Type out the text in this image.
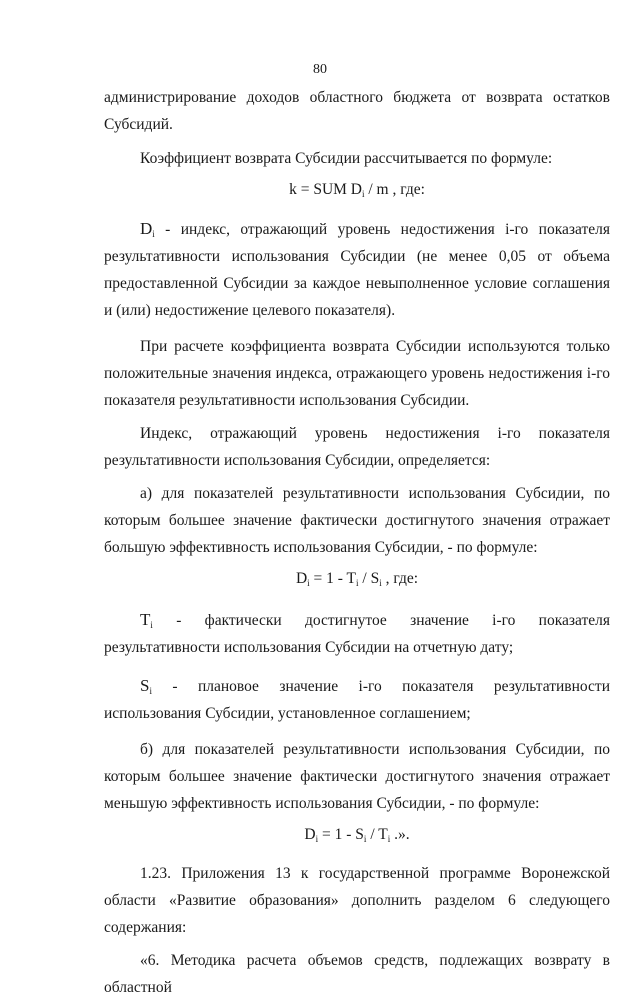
80

администрирование доходов областного бюджета от возврата остатков Субсидий.

Коэффициент возврата Субсидии рассчитывается по формуле:

k = SUM $D_i$ / m , где:

$D_i$ - индекс, отражающий уровень недостижения i-го показателя результативности использования Субсидии (не менее 0,05 от объема предоставленной Субсидии за каждое невыполненное условие соглашения и (или) недостижение целевого показателя).

При расчете коэффициента возврата Субсидии используются только положительные значения индекса, отражающего уровень недостижения i-го показателя результативности использования Субсидии.

Индекс, отражающий уровень недостижения i-го показателя результативности использования Субсидии, определяется:

а) для показателей результативности использования Субсидии, по которым большее значение фактически достигнутого значения отражает большую эффективность использования Субсидии, - по формуле:

$D_i = 1 - T_i / S_i$ , где:

$T_i$ - фактически достигнутое значение i-го показателя результативности использования Субсидии на отчетную дату;

$S_i$ - плановое значение i-го показателя результативности использования Субсидии, установленное соглашением;

б) для показателей результативности использования Субсидии, по которым большее значение фактически достигнутого значения отражает меньшую эффективность использования Субсидии, - по формуле:

$D_i = 1 - S_i / T_i$ .».

1.23. Приложения 13 к государственной программе Воронежской области «Развитие образования» дополнить разделом 6 следующего содержания:

«6. Методика расчета объемов средств, подлежащих возврату в областной
